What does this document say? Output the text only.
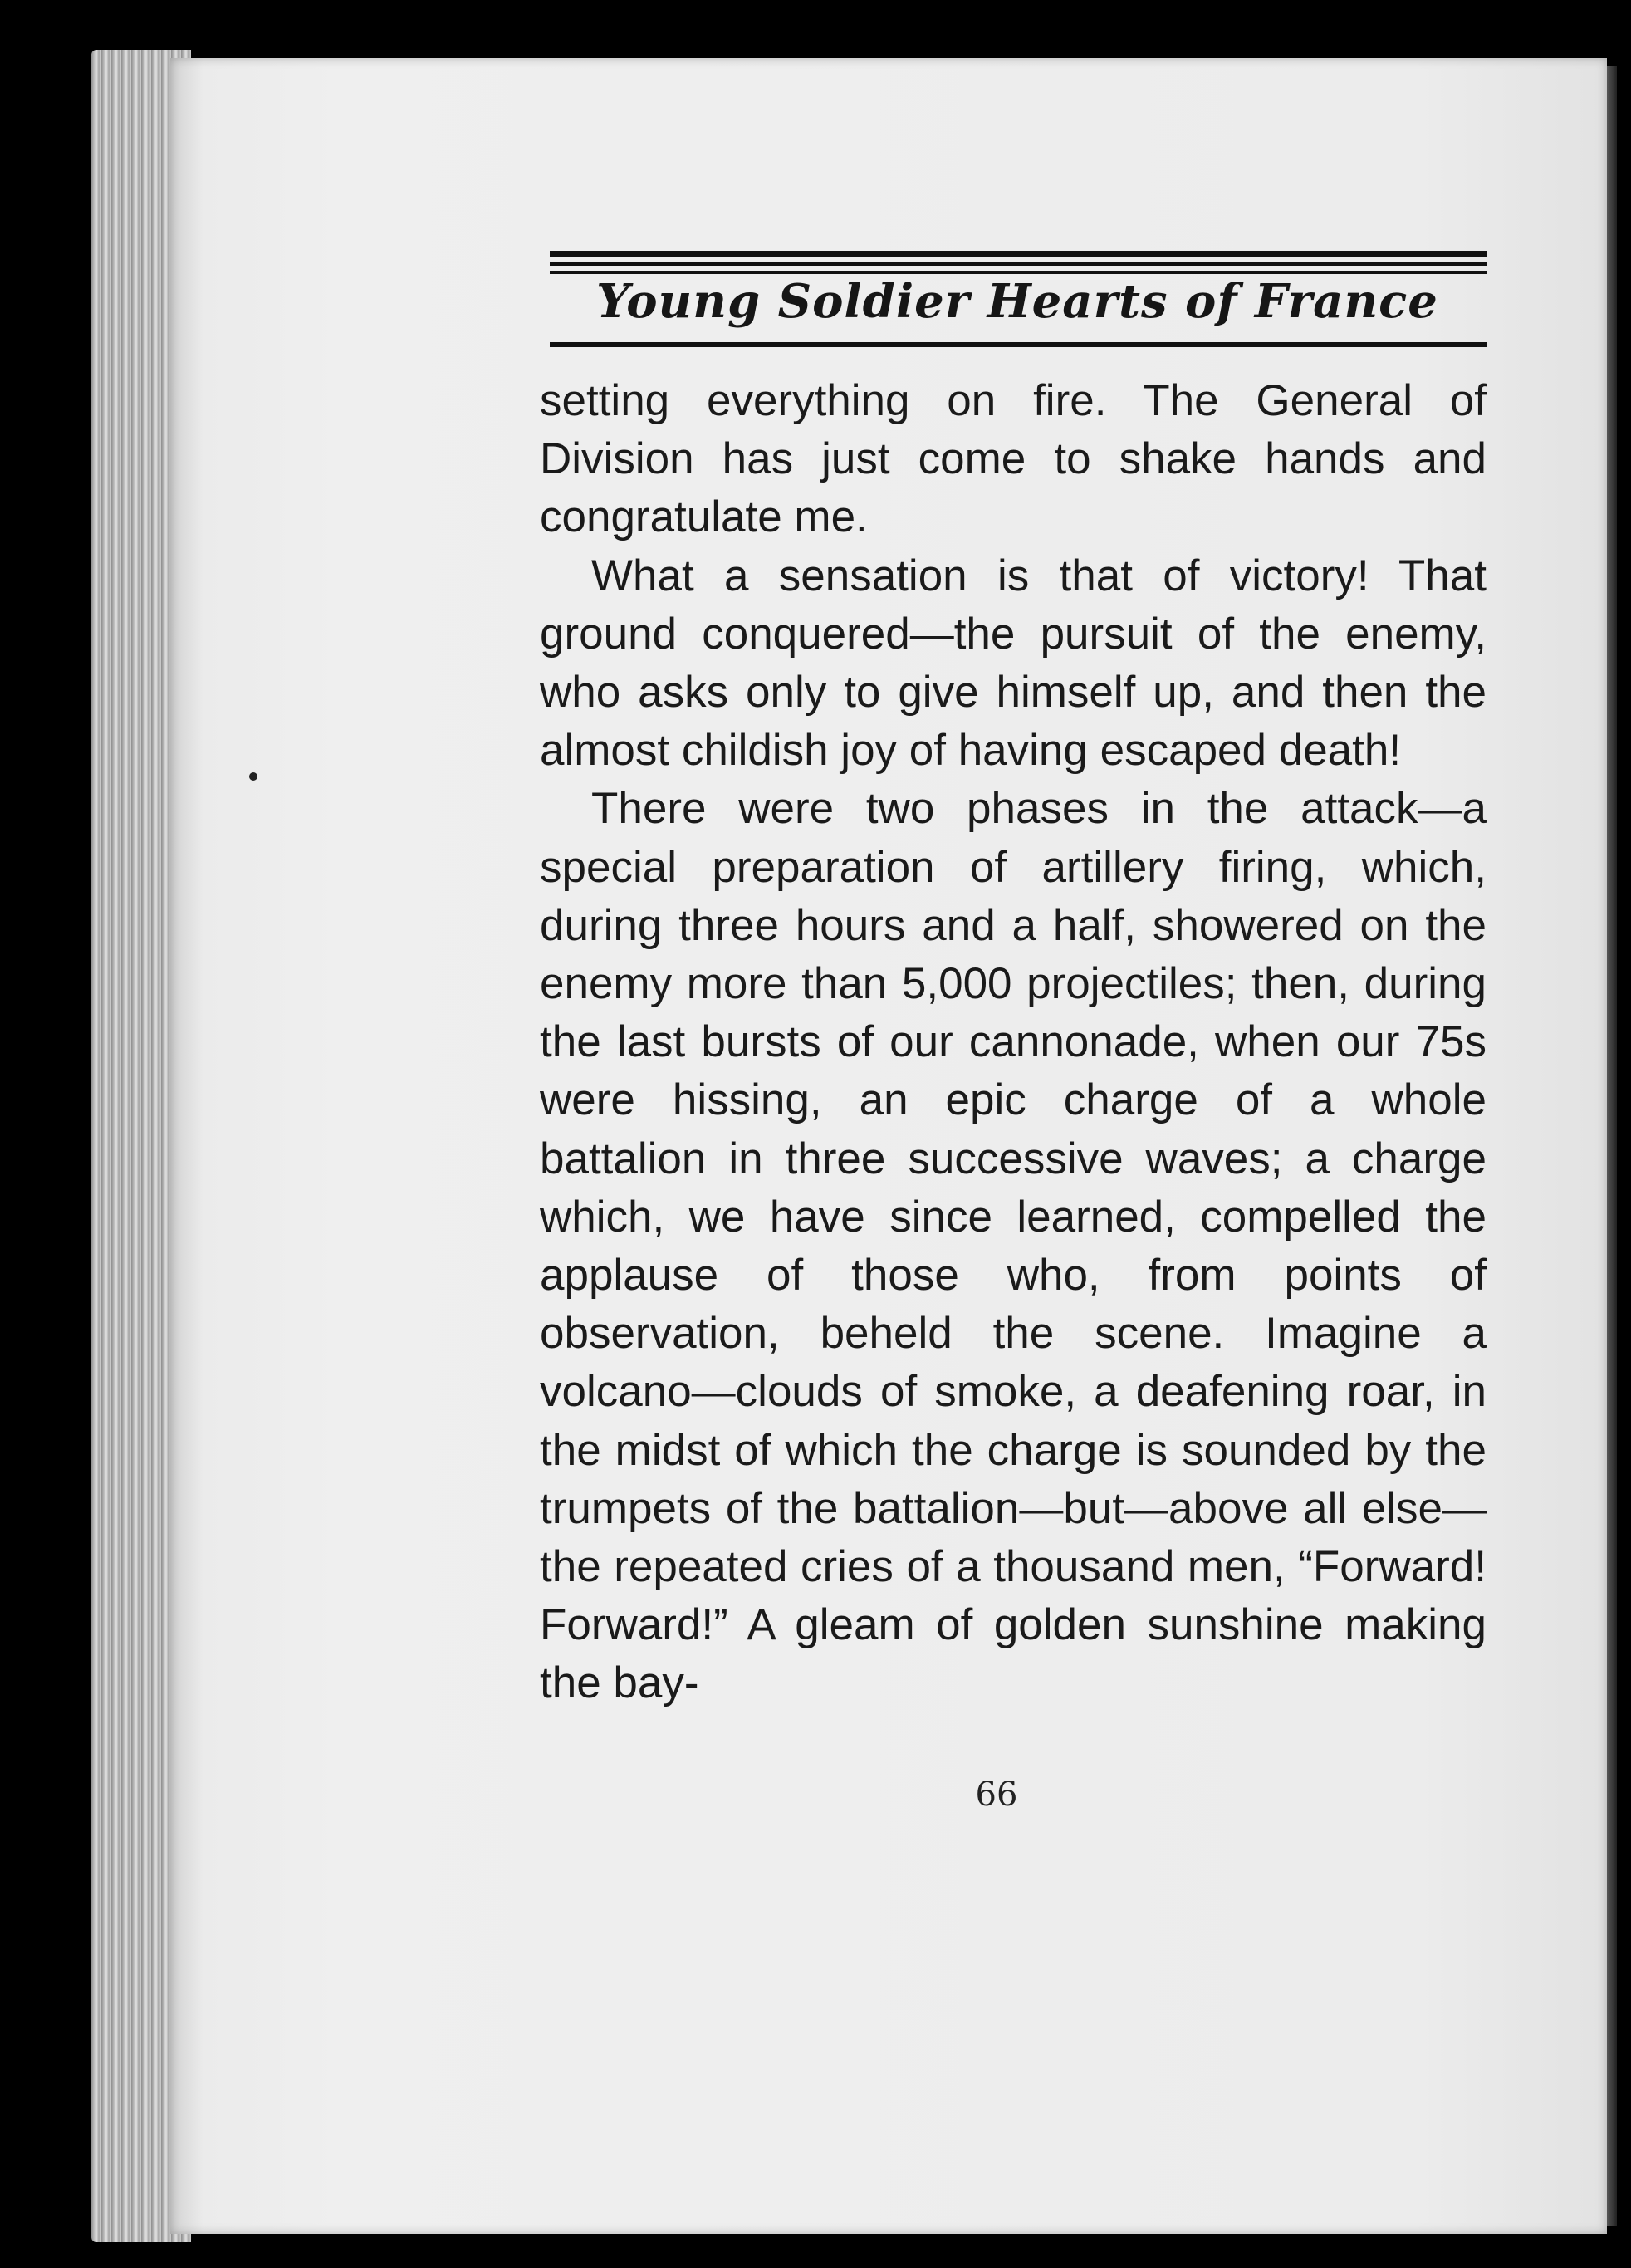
Young Soldier Hearts of France

setting everything on fire. The General of Division has just come to shake hands and congratulate me.

What a sensation is that of victory! That ground conquered—the pursuit of the enemy, who asks only to give himself up, and then the almost childish joy of having escaped death!

There were two phases in the attack—a special preparation of artillery firing, which, during three hours and a half, showered on the enemy more than 5,000 projectiles; then, during the last bursts of our cannonade, when our 75s were hissing, an epic charge of a whole battalion in three successive waves; a charge which, we have since learned, compelled the applause of those who, from points of observation, beheld the scene. Imagine a volcano—clouds of smoke, a deafening roar, in the midst of which the charge is sounded by the trumpets of the battalion—but—above all else—the repeated cries of a thousand men, “Forward! Forward!” A gleam of golden sunshine making the bay-

66
